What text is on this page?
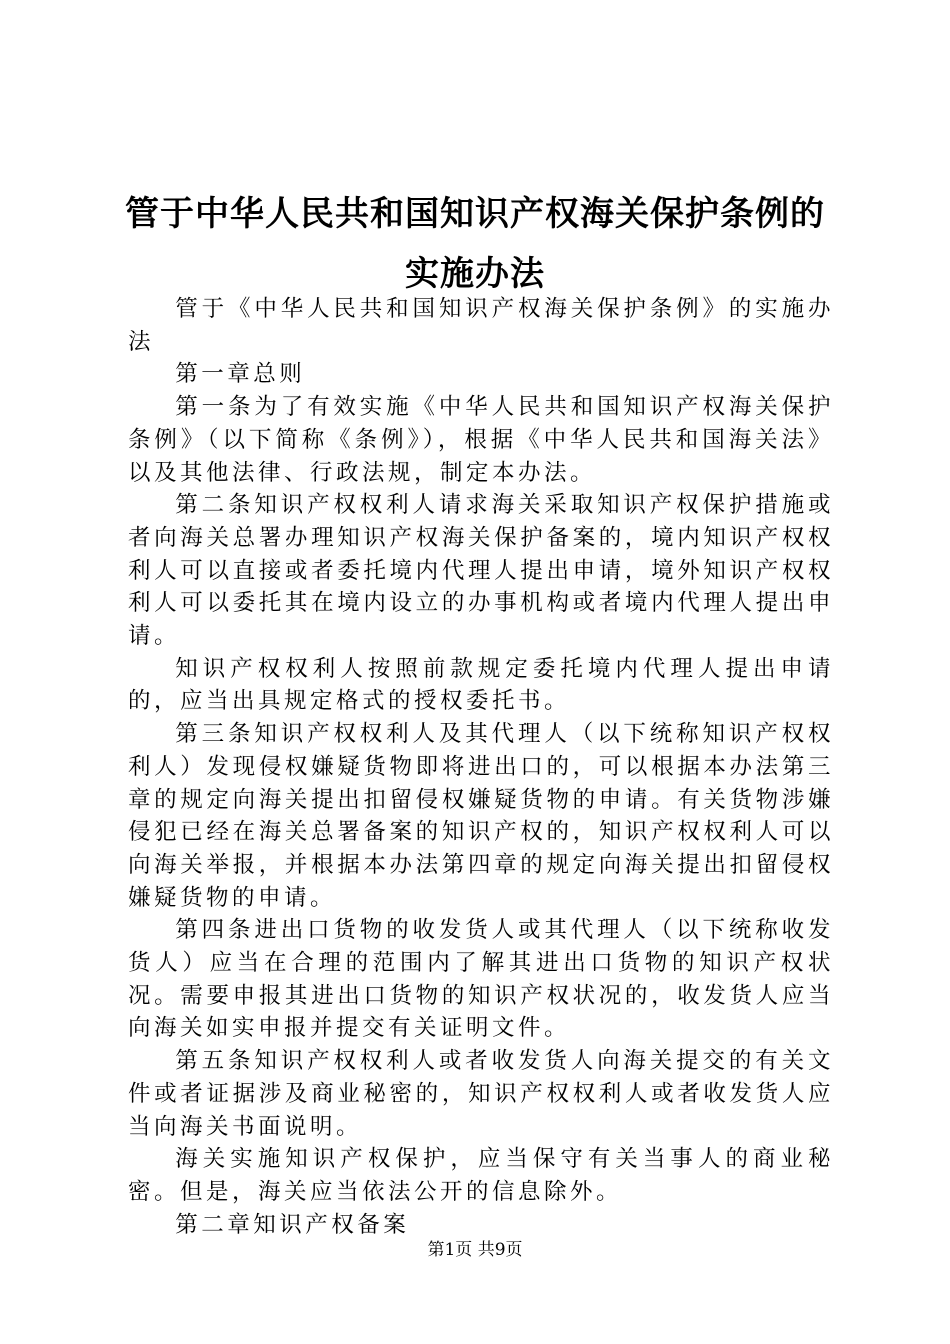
管于中华人民共和国知识产权海关保护条例的
实施办法

管于《中华人民共和国知识产权海关保护条例》的实施办法

第一章总则

第一条为了有效实施《中华人民共和国知识产权海关保护条例》（以下简称《条例》），根据《中华人民共和国海关法》以及其他法律、行政法规，制定本办法。

第二条知识产权权利人请求海关采取知识产权保护措施或者向海关总署办理知识产权海关保护备案的，境内知识产权权利人可以直接或者委托境内代理人提出申请，境外知识产权权利人可以委托其在境内设立的办事机构或者境内代理人提出申请。

知识产权权利人按照前款规定委托境内代理人提出申请的，应当出具规定格式的授权委托书。

第三条知识产权权利人及其代理人（以下统称知识产权权利人）发现侵权嫌疑货物即将进出口的，可以根据本办法第三章的规定向海关提出扣留侵权嫌疑货物的申请。有关货物涉嫌侵犯已经在海关总署备案的知识产权的，知识产权权利人可以向海关举报，并根据本办法第四章的规定向海关提出扣留侵权嫌疑货物的申请。

第四条进出口货物的收发货人或其代理人（以下统称收发货人）应当在合理的范围内了解其进出口货物的知识产权状况。需要申报其进出口货物的知识产权状况的，收发货人应当向海关如实申报并提交有关证明文件。

第五条知识产权权利人或者收发货人向海关提交的有关文件或者证据涉及商业秘密的，知识产权权利人或者收发货人应当向海关书面说明。

海关实施知识产权保护，应当保守有关当事人的商业秘密。但是，海关应当依法公开的信息除外。

第二章知识产权备案

第1页 共9页
